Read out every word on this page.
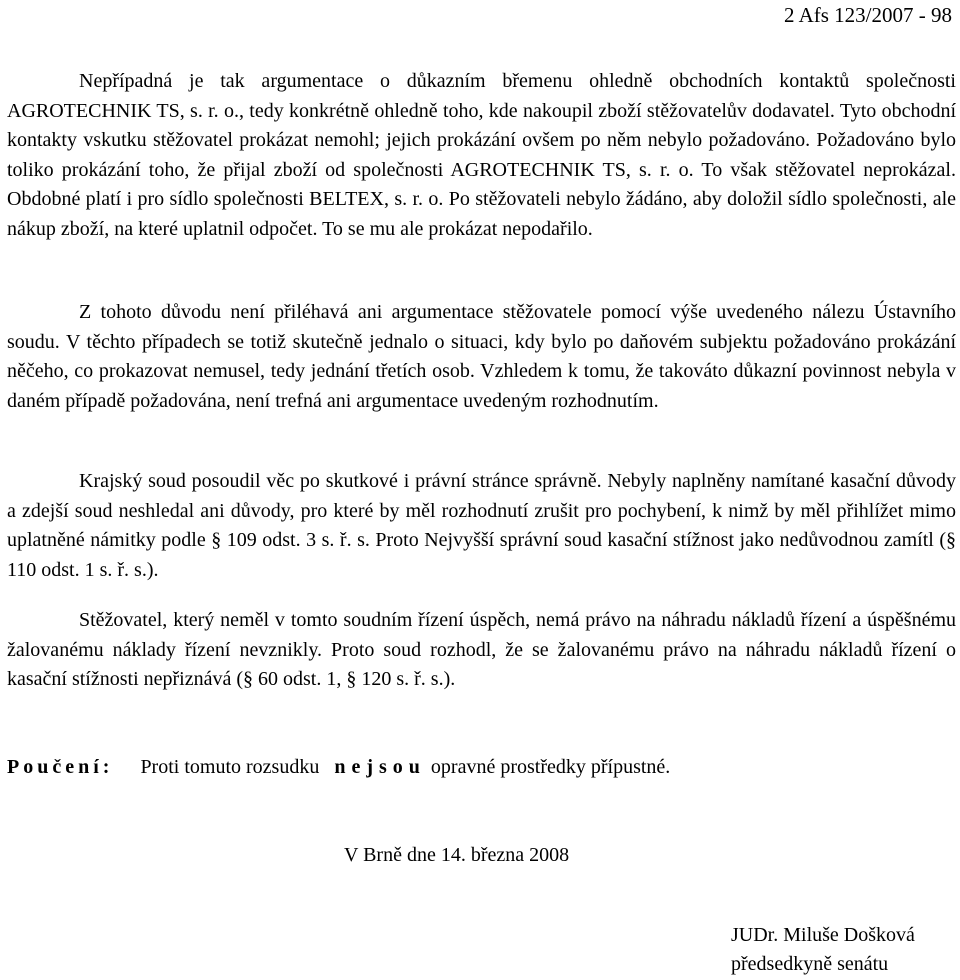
2 Afs 123/2007 - 98
Nepřípadná je tak argumentace o důkazním břemenu ohledně obchodních kontaktů společnosti AGROTECHNIK TS, s. r. o., tedy konkrétně ohledně toho, kde nakoupil zboží stěžovatelův dodavatel. Tyto obchodní kontakty vskutku stěžovatel prokázat nemohl; jejich prokázání ovšem po něm nebylo požadováno. Požadováno bylo toliko prokázání toho, že přijal zboží od společnosti AGROTECHNIK TS, s. r. o. To však stěžovatel neprokázal. Obdobné platí i pro sídlo společnosti BELTEX, s. r. o. Po stěžovateli nebylo žádáno, aby doložil sídlo společnosti, ale nákup zboží, na které uplatnil odpočet. To se mu ale prokázat nepodařilo.
Z tohoto důvodu není přiléhavá ani argumentace stěžovatele pomocí výše uvedeného nálezu Ústavního soudu. V těchto případech se totiž skutečně jednalo o situaci, kdy bylo po daňovém subjektu požadováno prokázání něčeho, co prokazovat nemusel, tedy jednání třetích osob. Vzhledem k tomu, že takováto důkazní povinnost nebyla v daném případě požadována, není trefná ani argumentace uvedeným rozhodnutím.
Krajský soud posoudil věc po skutkové i právní stránce správně. Nebyly naplněny namítané kasační důvody a zdejší soud neshledal ani důvody, pro které by měl rozhodnutí zrušit pro pochybení, k nimž by měl přihlížet mimo uplatněné námitky podle § 109 odst. 3 s. ř. s. Proto Nejvyšší správní soud kasační stížnost jako nedůvodnou zamítl (§ 110 odst. 1 s. ř. s.).
Stěžovatel, který neměl v tomto soudním řízení úspěch, nemá právo na náhradu nákladů řízení a úspěšnému žalovanému náklady řízení nevznikly. Proto soud rozhodl, že se žalovanému právo na náhradu nákladů řízení o kasační stížnosti nepřiznává (§ 60 odst. 1, § 120 s. ř. s.).
Poučení: Proti tomuto rozsudku nejsou opravné prostředky přípustné.
V Brně dne 14. března 2008
JUDr. Miluše Došková
předsedkyně senátu
